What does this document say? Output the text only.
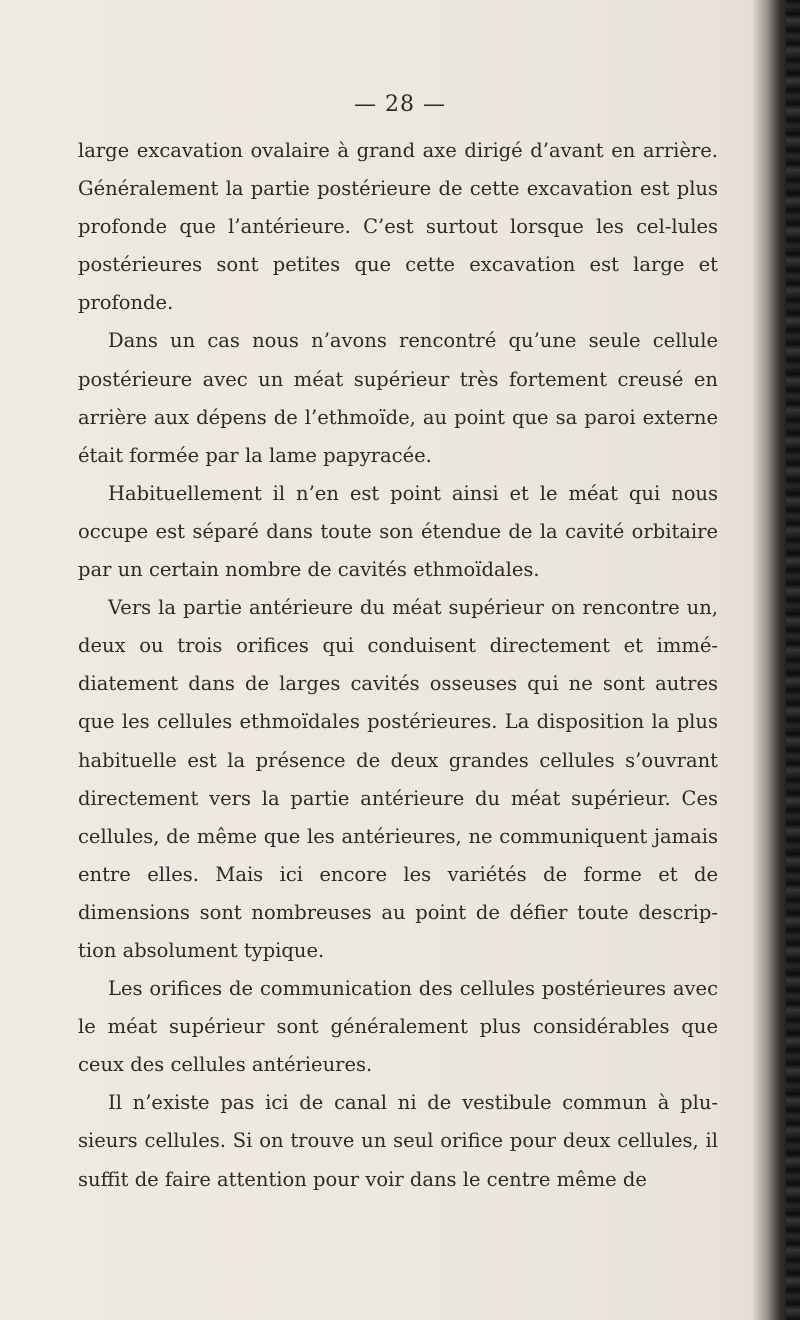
— 28 —

large excavation ovalaire à grand axe dirigé d’avant en arrière. Généralement la partie postérieure de cette excavation est plus profonde que l’antérieure. C’est surtout lorsque les cel-lules postérieures sont petites que cette excavation est large et profonde.

Dans un cas nous n’avons rencontré qu’une seule cellule postérieure avec un méat supérieur très fortement creusé en arrière aux dépens de l’ethmoïde, au point que sa paroi externe était formée par la lame papyracée.

Habituellement il n’en est point ainsi et le méat qui nous occupe est séparé dans toute son étendue de la cavité orbitaire par un certain nombre de cavités ethmoïdales.

Vers la partie antérieure du méat supérieur on rencontre un, deux ou trois orifices qui conduisent directement et immé-diatement dans de larges cavités osseuses qui ne sont autres que les cellules ethmoïdales postérieures. La disposition la plus habituelle est la présence de deux grandes cellules s’ouvrant directement vers la partie antérieure du méat supérieur. Ces cellules, de même que les antérieures, ne communiquent jamais entre elles. Mais ici encore les variétés de forme et de dimensions sont nombreuses au point de défier toute descrip-tion absolument typique.

Les orifices de communication des cellules postérieures avec le méat supérieur sont généralement plus considérables que ceux des cellules antérieures.

Il n’existe pas ici de canal ni de vestibule commun à plu-sieurs cellules. Si on trouve un seul orifice pour deux cellules, il suffit de faire attention pour voir dans le centre même de
